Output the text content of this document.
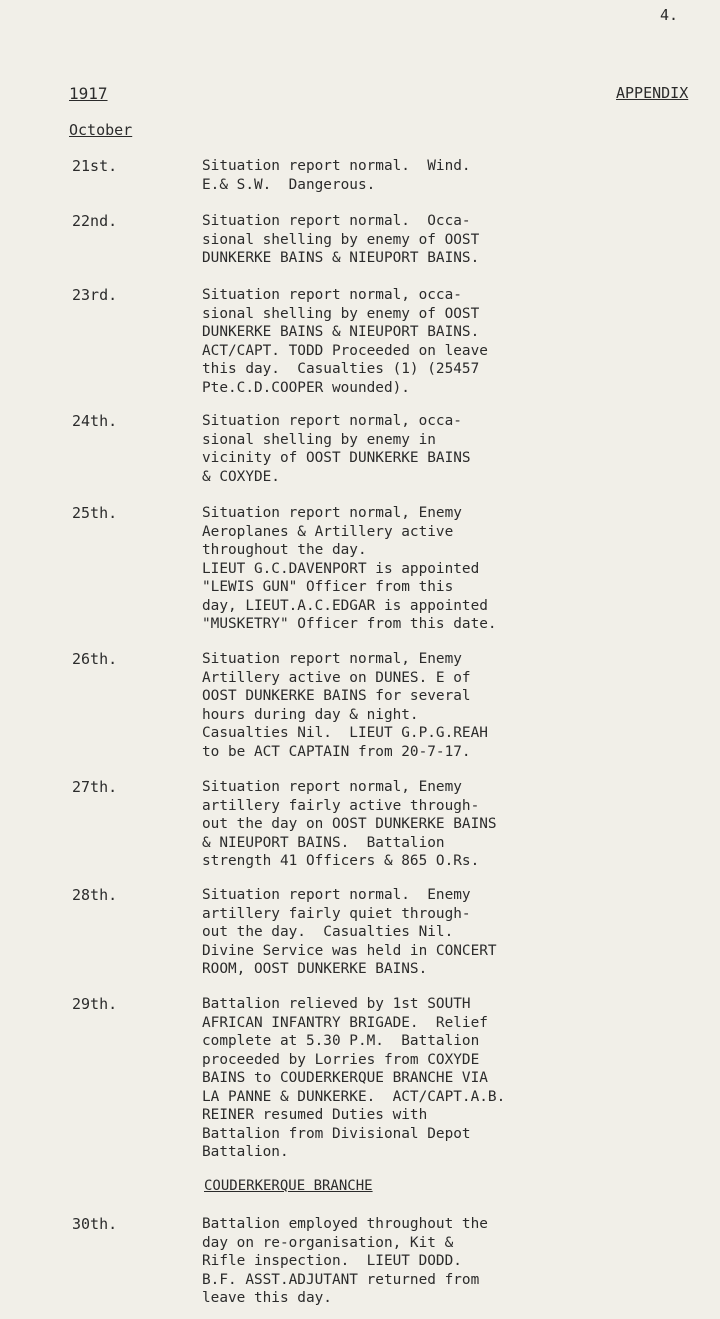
4.
1917	APPENDIX
October
21st.	Situation report normal.  Wind.
E.& S.W.  Dangerous.
22nd.	Situation report normal.  Occa-
sional shelling by enemy of OOST
DUNKERKE BAINS & NIEUPORT BAINS.
23rd.	Situation report normal, occa-
sional shelling by enemy of OOST
DUNKERKE BAINS & NIEUPORT BAINS.
ACT/CAPT. TODD Proceeded on leave
this day.  Casualties (1) (25457
Pte.C.D.COOPER wounded).
24th.	Situation report normal, occa-
sional shelling by enemy in
vicinity of OOST DUNKERKE BAINS
& COXYDE.
25th.	Situation report normal, Enemy
Aeroplanes & Artillery active
throughout the day.
LIEUT G.C.DAVENPORT is appointed
"LEWIS GUN" Officer from this
day, LIEUT.A.C.EDGAR is appointed
"MUSKETRY" Officer from this date.
26th.	Situation report normal, Enemy
Artillery active on DUNES. E of
OOST DUNKERKE BAINS for several
hours during day & night.
Casualties Nil.  LIEUT G.P.G.REAH
to be ACT CAPTAIN from 20-7-17.
27th.	Situation report normal, Enemy
artillery fairly active through-
out the day on OOST DUNKERKE BAINS
& NIEUPORT BAINS.  Battalion
strength 41 Officers & 865 O.Rs.
28th.	Situation report normal.  Enemy
artillery fairly quiet through-
out the day.  Casualties Nil.
Divine Service was held in CONCERT
ROOM, OOST DUNKERKE BAINS.
29th.	Battalion relieved by 1st SOUTH
AFRICAN INFANTRY BRIGADE.  Relief
complete at 5.30 P.M.  Battalion
proceeded by Lorries from COXYDE
BAINS to COUDERKERQUE BRANCHE VIA
LA PANNE & DUNKERKE.  ACT/CAPT.A.B.
REINER resumed Duties with
Battalion from Divisional Depot
Battalion.
COUDERKERQUE BRANCHE
30th.	Battalion employed throughout the
day on re-organisation, Kit &
Rifle inspection.  LIEUT DODD.
B.F. ASST.ADJUTANT returned from
leave this day.
